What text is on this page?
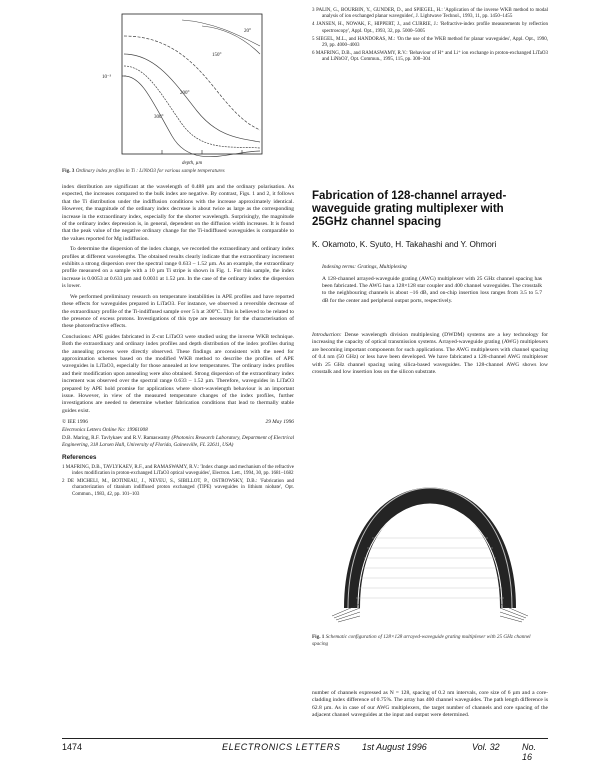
20°
150°
200°
300°
10⁻³
depth, µm
Fig. 3 Ordinary index profiles in Ti : LiNbO3 for various sample temperatures

index distribution are significant at the wavelength of 0.488 µm and the ordinary polarisation. As expected, the increases compared to the bulk index are negative. By contrast, Figs. 1 and 2, it follows that the Ti distribution under the indiffusion conditions with the increase approximately identical. However, the magnitude of the ordinary index decrease is about twice as large as the corresponding increase in the extraordinary index, especially for the shorter wavelength. Surprisingly, the magnitude of the ordinary index depression is, in general, dependent on the diffusion width increases. It is found that the peak value of the negative ordinary change for the Ti-indiffused waveguides is comparable to the values reported for Mg indiffusion.

To determine the dispersion of the index change, we recorded the extraordinary and ordinary index profiles at different wavelengths. The obtained results clearly indicate that the extraordinary increment exhibits a strong dispersion over the spectral range 0.633 – 1.52 µm. As an example, the extraordinary profile measured on a sample with a 10 µm Ti stripe is shown in Fig. 1. For this sample, the index increase is 0.0053 at 0.633 µm and 0.0031 at 1.52 µm. In the case of the ordinary index the dispersion is lower.

We performed preliminary research on temperature instabilities in APE profiles and have reported these effects for waveguides prepared in LiTaO3. For instance, we observed a reversible decrease of the extraordinary profile of the Ti-indiffused sample over 5 h at 300°C. This is believed to be related to the presence of excess protons. Investigations of this type are necessary for the characterisation of these photorefractive effects.

Conclusions: APE guides fabricated in Z-cut LiTaO3 were studied using the inverse WKB technique. Both the extraordinary and ordinary index profiles and depth distribution of the index profiles during the annealing process were directly observed. These findings are consistent with the need for approximation schemes based on the modified WKB method to describe the profiles of APE waveguides in LiTaO3, especially for those annealed at low temperatures. The ordinary index profiles and their modification upon annealing were also obtained. Strong dispersion of the extraordinary index increment was observed over the spectral range 0.633 – 1.52 µm. Therefore, waveguides in LiTaO3 prepared by APE hold promise for applications where short-wavelength behaviour is an important issue. However, in view of the measured temperature changes of the index profiles, further investigations are needed to determine whether fabrication conditions that lead to thermally stable guides exist.

© IEE 1996	29 May 1996
Electronics Letters Online No: 19961008
D.B. Maring, R.F. Tavlykaev and R.V. Ramaswamy (Photonics Research Laboratory, Department of Electrical Engineering, 318 Larsen Hall, University of Florida, Gainesville, FL 32611, USA)
References
1 MAFRING, D.B., TAVLYKAEV, R.F., and RAMASWAMY, R.V.: 'Index change and mechanism of the refractive index modification in proton-exchanged LiTaO3 optical waveguides', Electron. Lett., 1994, 30, pp. 1681–1682
2 DE MICHELI, M., BOTINEAU, J., NEVEU, S., SIBILLOT, P., OSTROWSKY, D.B.: 'Fabrication and characterization of titanium indiffused proton exchanged (TIPE) waveguides in lithium niobate', Opt. Commun., 1983, 42, pp. 101–103
3 PALIN, G., BOURBIN, Y., GUNDER, D., and SPIEGEL, H.: 'Application of the inverse WKB method to modal analysis of ion exchanged planar waveguides', J. Lightwave Technol., 1993, 11, pp. 1450–1455
4 JANSEN, H., NOWAK, F., HIPPERT, J., and CURRIE, J.: 'Refractive-index profile measurements by reflection spectroscopy', Appl. Opt., 1993, 32, pp. 5000–5005
5 SIEGEL, M.L., and HANDORAS, M.: 'On the use of the WKB method for planar waveguides', Appl. Opt., 1990, 29, pp. 4000–4003
6 MAFRING, D.B., and RAMASWAMY, R.V.: 'Behaviour of H⁺ and Li⁺ ion exchange in proton-exchanged LiTaO3 and LiNbO3', Opt. Commun., 1995, 115, pp. 300–304
Fabrication of 128-channel arrayed-waveguide grating multiplexer with 25GHz channel spacing
K. Okamoto, K. Syuto, H. Takahashi and Y. Ohmori
Indexing terms: Gratings, Multiplexing
A 128-channel arrayed-waveguide grating (AWG) multiplexer with 25 GHz channel spacing has been fabricated. The AWG has a 128×128 star coupler and 400 channel waveguides. The crosstalk to the neighbouring channels is about –16 dB, and on-chip insertion loss ranges from 3.5 to 5.7 dB for the center and peripheral output ports, respectively.
Introduction: Dense wavelength division multiplexing (DWDM) systems are a key technology for increasing the capacity of optical transmission systems. Arrayed-waveguide grating (AWG) multiplexers are becoming important components for such applications. The AWG multiplexers with channel spacing of 0.4 nm (50 GHz) or less have been developed. We have fabricated a 128-channel AWG multiplexer with 25 GHz channel spacing using silica-based waveguides. The 128-channel AWG shows low crosstalk and low insertion loss on the silicon substrate.
Fig. 1 Schematic configuration of 128×128 arrayed-waveguide grating multiplexer with 25 GHz channel spacing

number of channels expressed as N = 128, spacing of 0.2 nm intervals, core size of 6 µm and a core-cladding index difference of 0.75%. The array has 400 channel waveguides. The path length difference is 62.8 µm. As in case of our AWG multiplexers, the target number of channels and core spacing of the adjacent channel waveguides at the input and output were determined.

1474	ELECTRONICS LETTERS 1st August 1996	Vol. 32 No. 16
